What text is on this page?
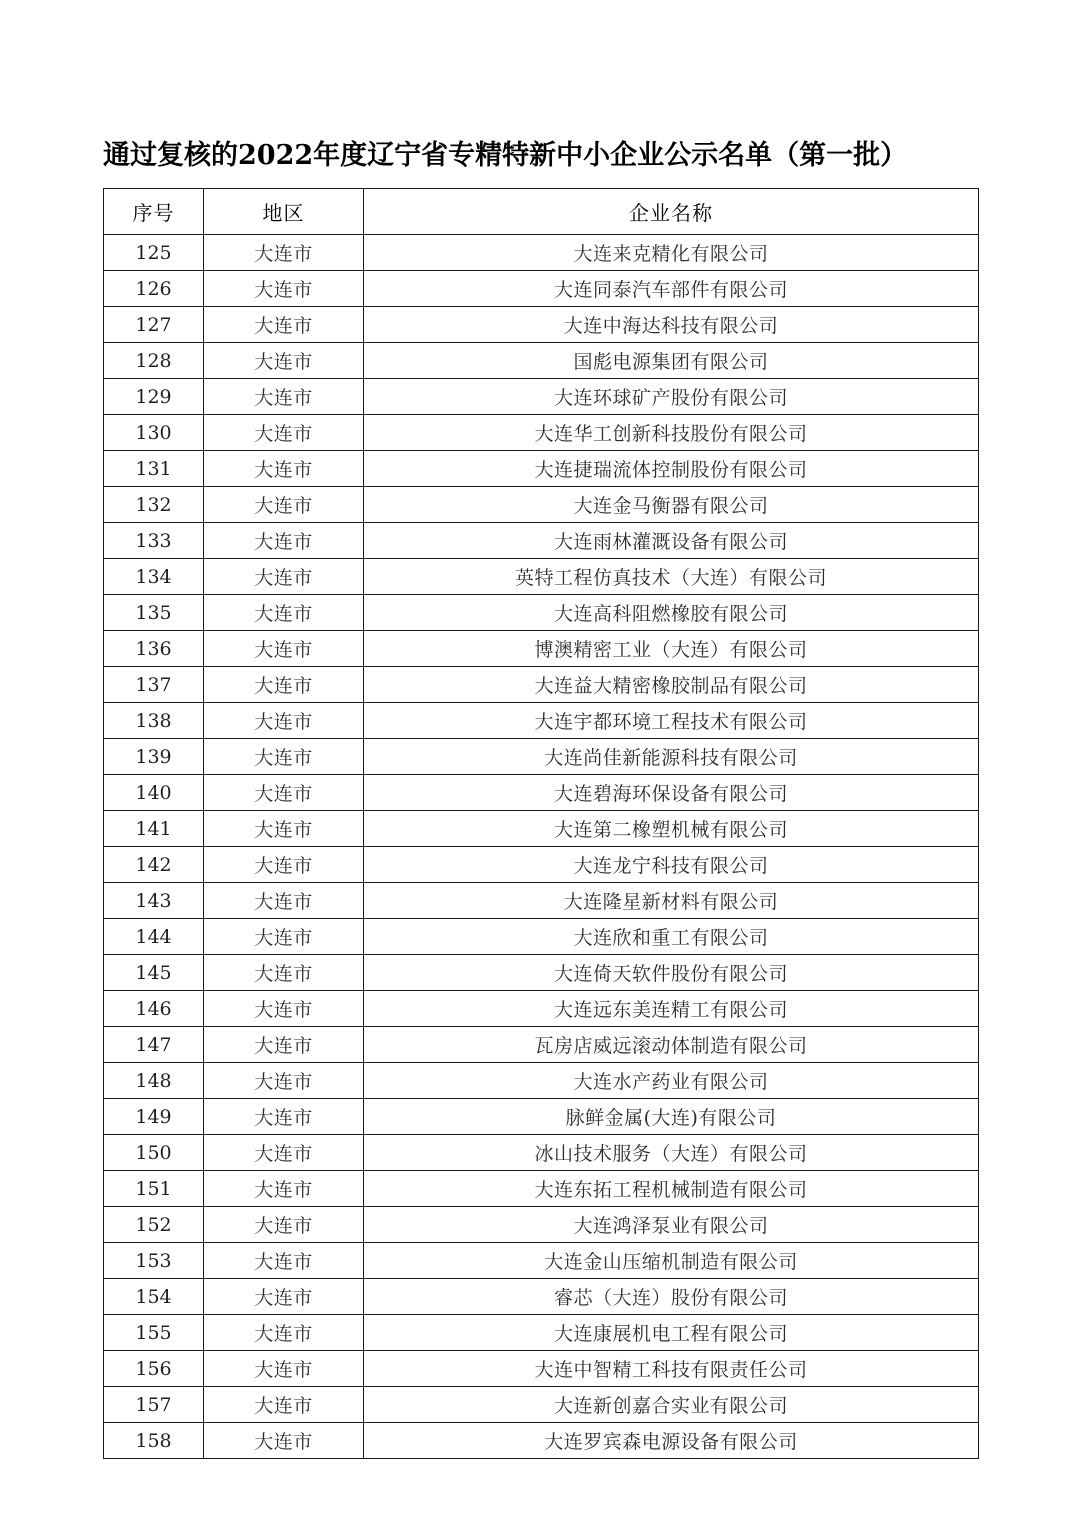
通过复核的2022年度辽宁省专精特新中小企业公示名单（第一批）
序号	地区	企业名称
125	大连市	大连来克精化有限公司
126	大连市	大连同泰汽车部件有限公司
127	大连市	大连中海达科技有限公司
128	大连市	国彪电源集团有限公司
129	大连市	大连环球矿产股份有限公司
130	大连市	大连华工创新科技股份有限公司
131	大连市	大连捷瑞流体控制股份有限公司
132	大连市	大连金马衡器有限公司
133	大连市	大连雨林灌溉设备有限公司
134	大连市	英特工程仿真技术（大连）有限公司
135	大连市	大连高科阻燃橡胶有限公司
136	大连市	博澳精密工业（大连）有限公司
137	大连市	大连益大精密橡胶制品有限公司
138	大连市	大连宇都环境工程技术有限公司
139	大连市	大连尚佳新能源科技有限公司
140	大连市	大连碧海环保设备有限公司
141	大连市	大连第二橡塑机械有限公司
142	大连市	大连龙宁科技有限公司
143	大连市	大连隆星新材料有限公司
144	大连市	大连欣和重工有限公司
145	大连市	大连倚天软件股份有限公司
146	大连市	大连远东美连精工有限公司
147	大连市	瓦房店威远滚动体制造有限公司
148	大连市	大连水产药业有限公司
149	大连市	脉鲜金属(大连)有限公司
150	大连市	冰山技术服务（大连）有限公司
151	大连市	大连东拓工程机械制造有限公司
152	大连市	大连鸿泽泵业有限公司
153	大连市	大连金山压缩机制造有限公司
154	大连市	睿芯（大连）股份有限公司
155	大连市	大连康展机电工程有限公司
156	大连市	大连中智精工科技有限责任公司
157	大连市	大连新创嘉合实业有限公司
158	大连市	大连罗宾森电源设备有限公司
